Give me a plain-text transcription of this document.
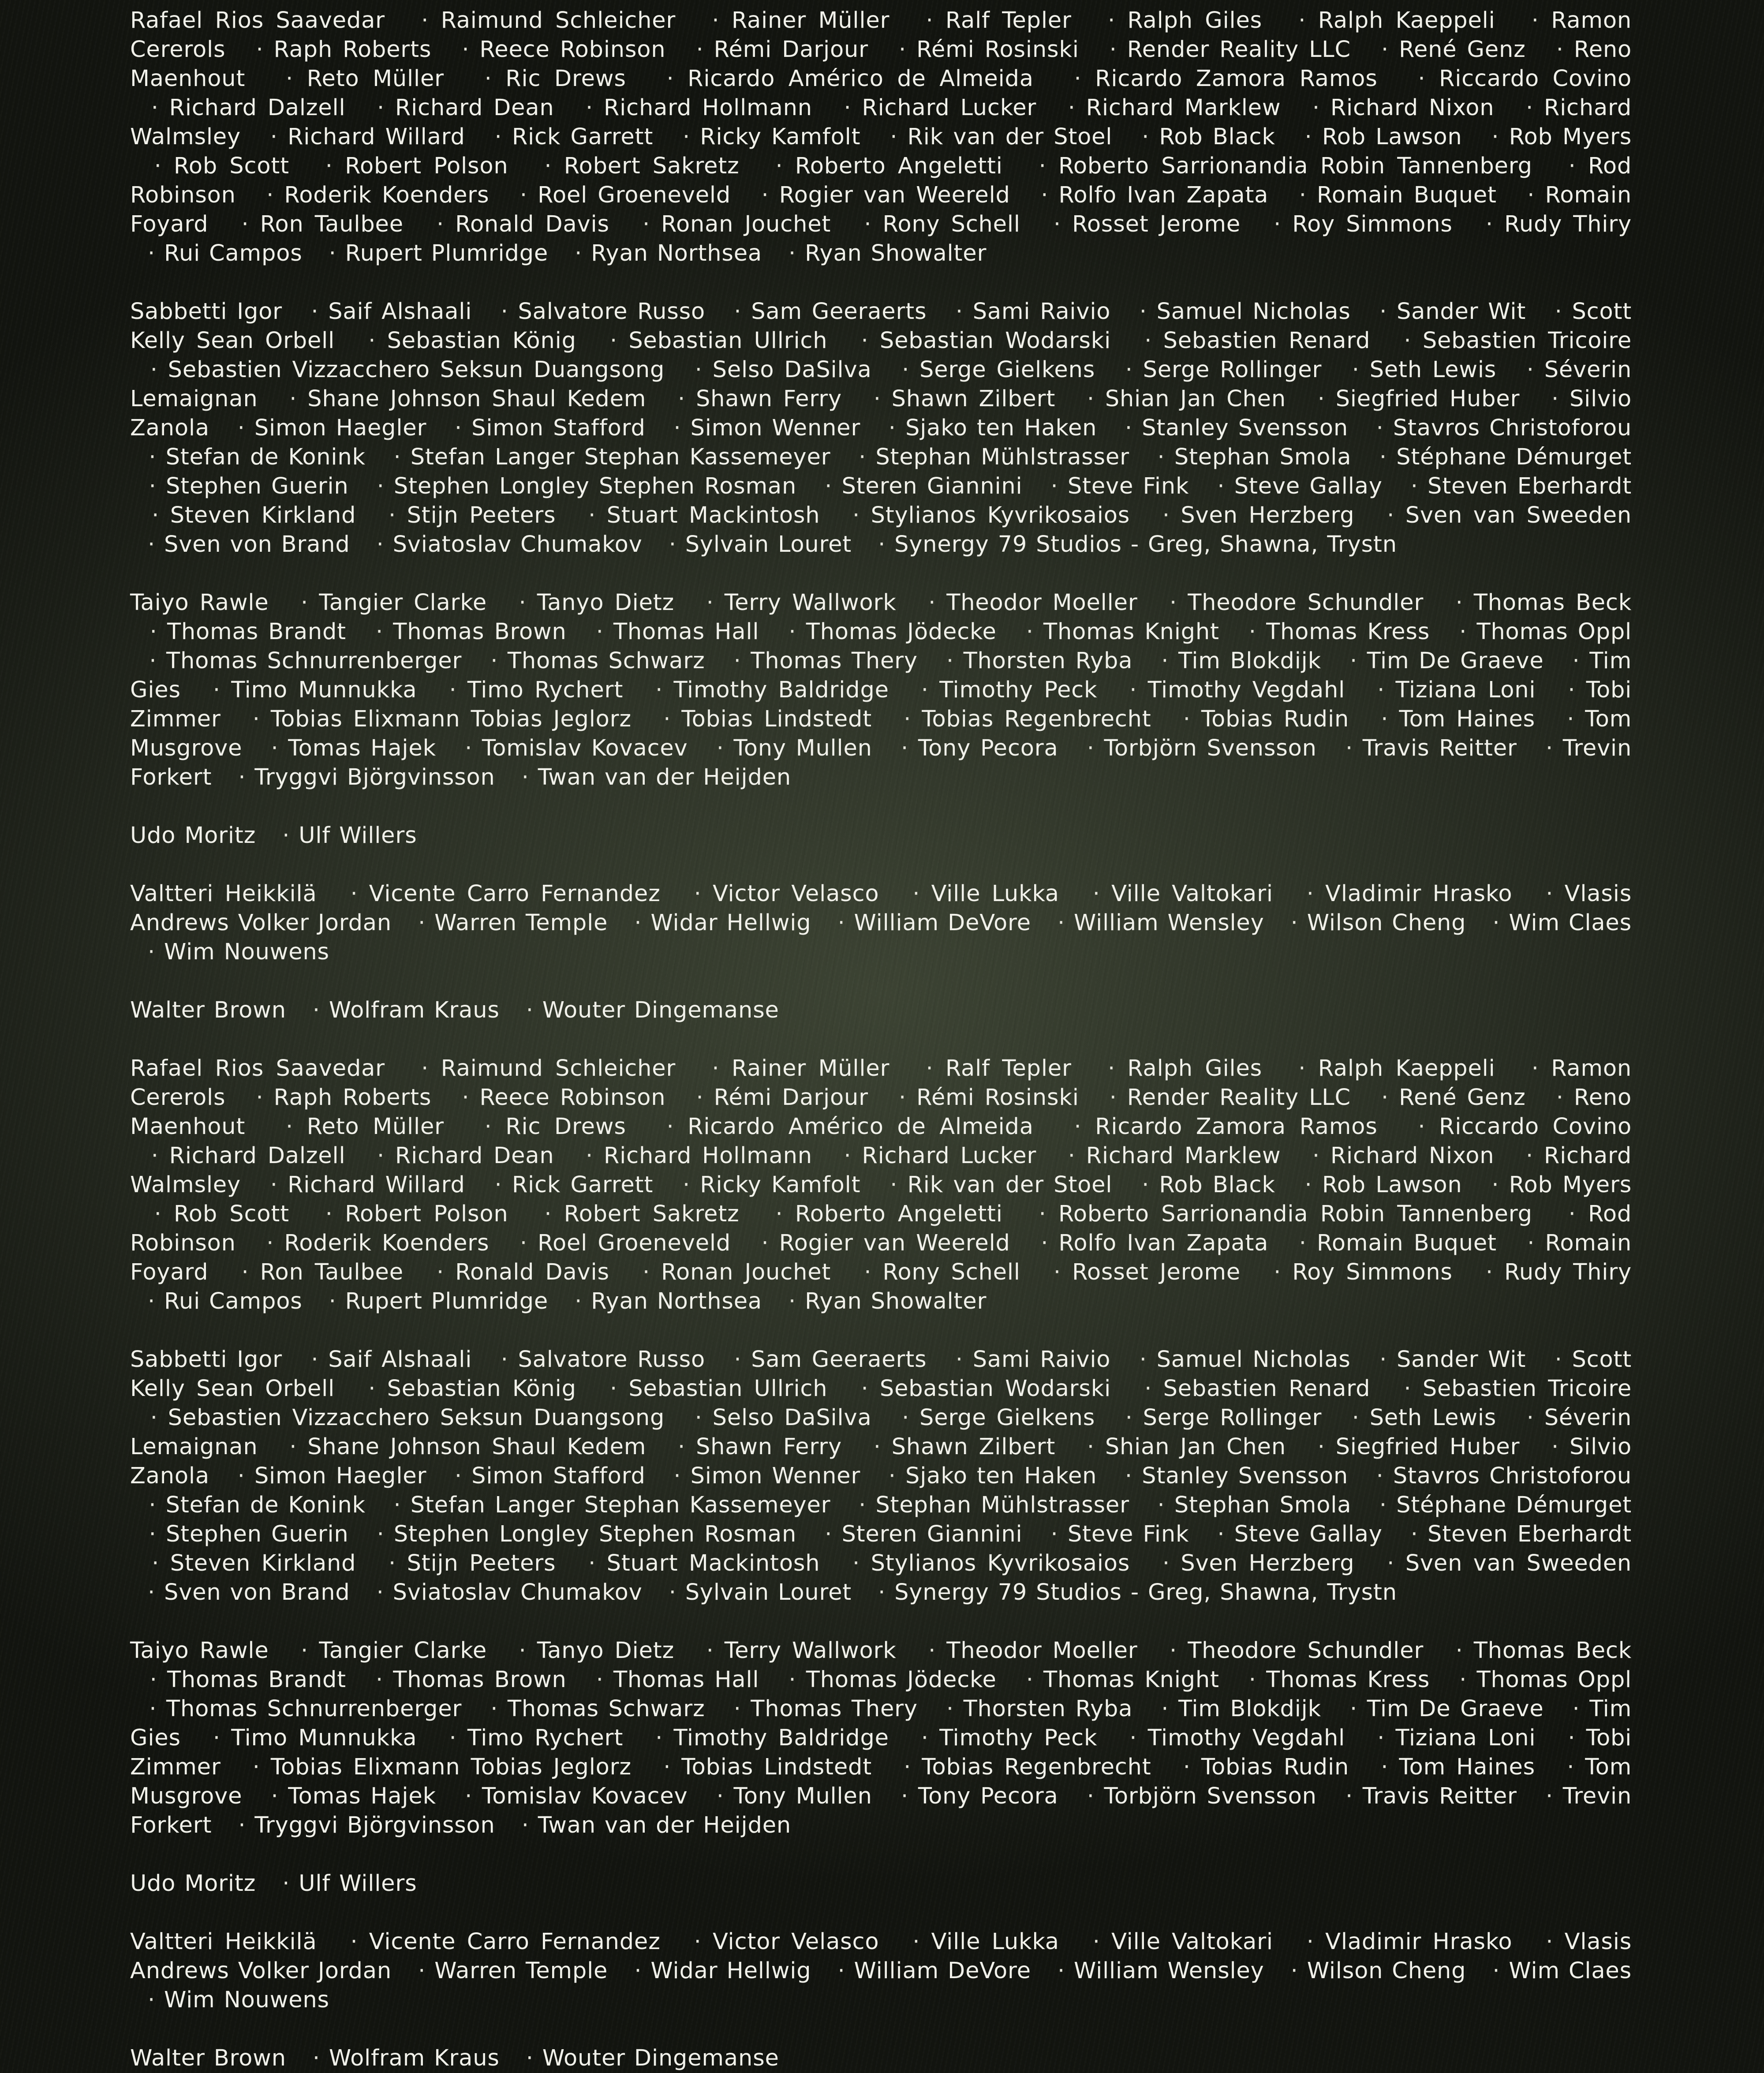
Rafael Rios Saavedar · Raimund Schleicher · Rainer Müller · Ralf Tepler · Ralph Giles · Ralph Kaeppeli · Ramon Cererols · Raph Roberts · Reece Robinson · Rémi Darjour · Rémi Rosinski · Render Reality LLC · René Genz · Reno Maenhout	· Reto Müller	· Ric Drews	· Ricardo Américo de Almeida	· Ricardo Zamora Ramos	· Riccardo Covino  · Richard Dalzell · Richard Dean · Richard Hollmann · Richard Lucker · Richard Marklew · Richard Nixon · Richard Walmsley · Richard Willard · Rick Garrett · Ricky Kamfolt · Rik van der Stoel · Rob Black · Rob Lawson · Rob Myers  · Rob Scott · Robert Polson · Robert Sakretz · Roberto Angeletti · Roberto Sarrionandia Robin Tannenberg · Rod Robinson · Roderik Koenders · Roel Groeneveld · Rogier van Weereld · Rolfo Ivan Zapata · Romain Buquet · Romain Foyard · Ron Taulbee · Ronald Davis · Ronan Jouchet · Rony Schell · Rosset Jerome · Roy Simmons · Rudy Thiry  · Rui Campos · Rupert Plumridge · Ryan Northsea · Ryan Showalter

Sabbetti Igor · Saif Alshaali · Salvatore Russo · Sam Geeraerts · Sami Raivio · Samuel Nicholas · Sander Wit · Scott Kelly Sean Orbell · Sebastian König · Sebastian Ullrich · Sebastian Wodarski · Sebastien Renard · Sebastien Tricoire  · Sebastien Vizzacchero Seksun Duangsong · Selso DaSilva · Serge Gielkens · Serge Rollinger · Seth Lewis · Séverin Lemaignan · Shane Johnson Shaul Kedem · Shawn Ferry · Shawn Zilbert · Shian Jan Chen · Siegfried Huber · Silvio Zanola · Simon Haegler · Simon Stafford · Simon Wenner · Sjako ten Haken · Stanley Svensson · Stavros Christoforou  · Stefan de Konink · Stefan Langer Stephan Kassemeyer · Stephan Mühlstrasser · Stephan Smola · Stéphane Démurget  · Stephen Guerin · Stephen Longley Stephen Rosman · Steren Giannini · Steve Fink · Steve Gallay · Steven Eberhardt  · Steven Kirkland · Stijn Peeters · Stuart Mackintosh · Stylianos Kyvrikosaios · Sven Herzberg · Sven van Sweeden  · Sven von Brand · Sviatoslav Chumakov · Sylvain Louret · Synergy 79 Studios - Greg, Shawna, Trystn

Taiyo Rawle · Tangier Clarke · Tanyo Dietz · Terry Wallwork · Theodor Moeller · Theodore Schundler · Thomas Beck  · Thomas Brandt · Thomas Brown · Thomas Hall · Thomas Jödecke · Thomas Knight · Thomas Kress · Thomas Oppl  · Thomas Schnurrenberger · Thomas Schwarz · Thomas Thery · Thorsten Ryba · Tim Blokdijk · Tim De Graeve · Tim Gies · Timo Munnukka · Timo Rychert · Timothy Baldridge · Timothy Peck · Timothy Vegdahl · Tiziana Loni · Tobi Zimmer · Tobias Elixmann Tobias Jeglorz · Tobias Lindstedt · Tobias Regenbrecht · Tobias Rudin · Tom Haines · Tom Musgrove · Tomas Hajek · Tomislav Kovacev · Tony Mullen · Tony Pecora · Torbjörn Svensson · Travis Reitter · Trevin Forkert · Tryggvi Björgvinsson · Twan van der Heijden

Udo Moritz · Ulf Willers

Valtteri Heikkilä · Vicente Carro Fernandez · Victor Velasco · Ville Lukka · Ville Valtokari · Vladimir Hrasko · Vlasis Andrews Volker Jordan · Warren Temple · Widar Hellwig · William DeVore · William Wensley · Wilson Cheng · Wim Claes  · Wim Nouwens

Walter Brown · Wolfram Kraus · Wouter Dingemanse

Rafael Rios Saavedar · Raimund Schleicher · Rainer Müller · Ralf Tepler · Ralph Giles · Ralph Kaeppeli · Ramon Cererols · Raph Roberts · Reece Robinson · Rémi Darjour · Rémi Rosinski · Render Reality LLC · René Genz · Reno Maenhout	· Reto Müller	· Ric Drews	· Ricardo Américo de Almeida	· Ricardo Zamora Ramos	· Riccardo Covino  · Richard Dalzell · Richard Dean · Richard Hollmann · Richard Lucker · Richard Marklew · Richard Nixon · Richard Walmsley · Richard Willard · Rick Garrett · Ricky Kamfolt · Rik van der Stoel · Rob Black · Rob Lawson · Rob Myers  · Rob Scott · Robert Polson · Robert Sakretz · Roberto Angeletti · Roberto Sarrionandia Robin Tannenberg · Rod Robinson · Roderik Koenders · Roel Groeneveld · Rogier van Weereld · Rolfo Ivan Zapata · Romain Buquet · Romain Foyard · Ron Taulbee · Ronald Davis · Ronan Jouchet · Rony Schell · Rosset Jerome · Roy Simmons · Rudy Thiry  · Rui Campos · Rupert Plumridge · Ryan Northsea · Ryan Showalter

Sabbetti Igor · Saif Alshaali · Salvatore Russo · Sam Geeraerts · Sami Raivio · Samuel Nicholas · Sander Wit · Scott Kelly Sean Orbell · Sebastian König · Sebastian Ullrich · Sebastian Wodarski · Sebastien Renard · Sebastien Tricoire  · Sebastien Vizzacchero Seksun Duangsong · Selso DaSilva · Serge Gielkens · Serge Rollinger · Seth Lewis · Séverin Lemaignan · Shane Johnson Shaul Kedem · Shawn Ferry · Shawn Zilbert · Shian Jan Chen · Siegfried Huber · Silvio Zanola · Simon Haegler · Simon Stafford · Simon Wenner · Sjako ten Haken · Stanley Svensson · Stavros Christoforou  · Stefan de Konink · Stefan Langer Stephan Kassemeyer · Stephan Mühlstrasser · Stephan Smola · Stéphane Démurget  · Stephen Guerin · Stephen Longley Stephen Rosman · Steren Giannini · Steve Fink · Steve Gallay · Steven Eberhardt  · Steven Kirkland · Stijn Peeters · Stuart Mackintosh · Stylianos Kyvrikosaios · Sven Herzberg · Sven van Sweeden  · Sven von Brand · Sviatoslav Chumakov · Sylvain Louret · Synergy 79 Studios - Greg, Shawna, Trystn

Taiyo Rawle · Tangier Clarke · Tanyo Dietz · Terry Wallwork · Theodor Moeller · Theodore Schundler · Thomas Beck  · Thomas Brandt · Thomas Brown · Thomas Hall · Thomas Jödecke · Thomas Knight · Thomas Kress · Thomas Oppl  · Thomas Schnurrenberger · Thomas Schwarz · Thomas Thery · Thorsten Ryba · Tim Blokdijk · Tim De Graeve · Tim Gies · Timo Munnukka · Timo Rychert · Timothy Baldridge · Timothy Peck · Timothy Vegdahl · Tiziana Loni · Tobi Zimmer · Tobias Elixmann Tobias Jeglorz · Tobias Lindstedt · Tobias Regenbrecht · Tobias Rudin · Tom Haines · Tom Musgrove · Tomas Hajek · Tomislav Kovacev · Tony Mullen · Tony Pecora · Torbjörn Svensson · Travis Reitter · Trevin Forkert · Tryggvi Björgvinsson · Twan van der Heijden

Udo Moritz · Ulf Willers

Valtteri Heikkilä · Vicente Carro Fernandez · Victor Velasco · Ville Lukka · Ville Valtokari · Vladimir Hrasko · Vlasis Andrews Volker Jordan · Warren Temple · Widar Hellwig · William DeVore · William Wensley · Wilson Cheng · Wim Claes  · Wim Nouwens

Walter Brown · Wolfram Kraus · Wouter Dingemanse
